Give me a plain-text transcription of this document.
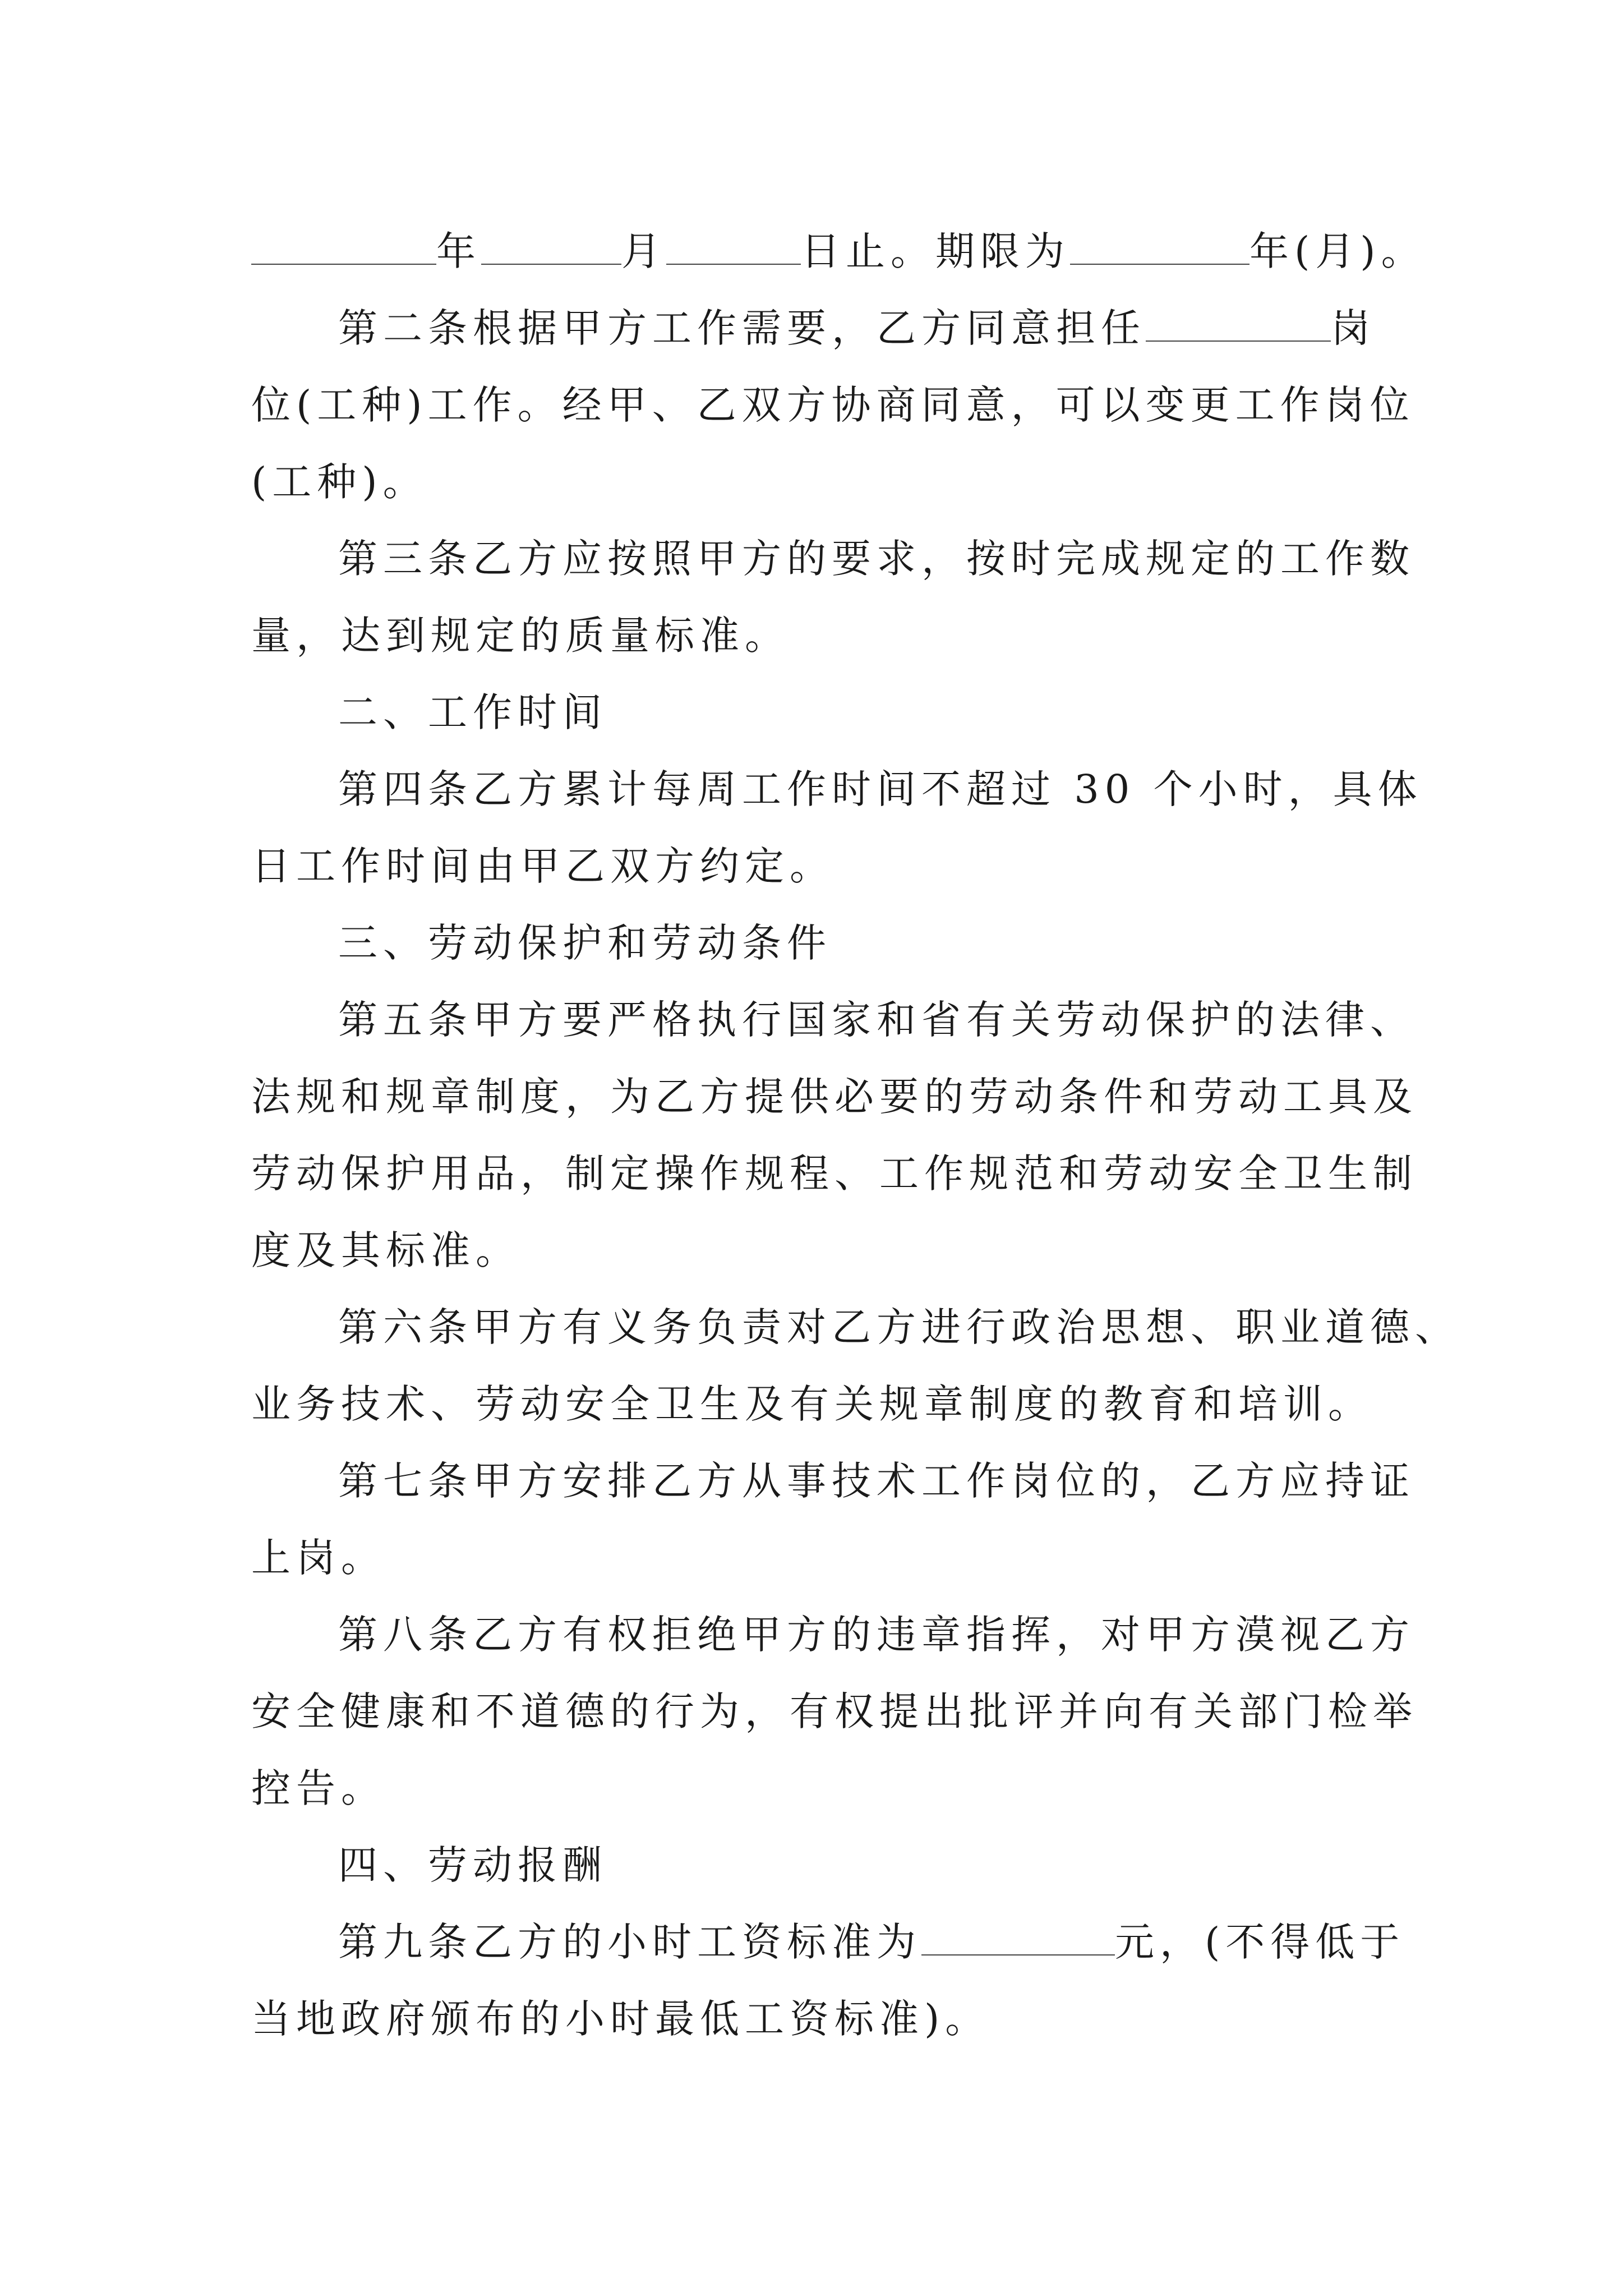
年	月	日止。期限为	年(月)。
第二条根据甲方工作需要，乙方同意担任	岗
位(工种)工作。经甲、乙双方协商同意，可以变更工作岗位
(工种)。
第三条乙方应按照甲方的要求，按时完成规定的工作数
量，达到规定的质量标准。
二、工作时间
第四条乙方累计每周工作时间不超过 30 个小时，具体
日工作时间由甲乙双方约定。
三、劳动保护和劳动条件
第五条甲方要严格执行国家和省有关劳动保护的法律、
法规和规章制度，为乙方提供必要的劳动条件和劳动工具及
劳动保护用品，制定操作规程、工作规范和劳动安全卫生制
度及其标准。
第六条甲方有义务负责对乙方进行政治思想、职业道德、
业务技术、劳动安全卫生及有关规章制度的教育和培训。
第七条甲方安排乙方从事技术工作岗位的，乙方应持证
上岗。
第八条乙方有权拒绝甲方的违章指挥，对甲方漠视乙方
安全健康和不道德的行为，有权提出批评并向有关部门检举
控告。
四、劳动报酬
第九条乙方的小时工资标准为	元，(不得低于
当地政府颁布的小时最低工资标准)。
